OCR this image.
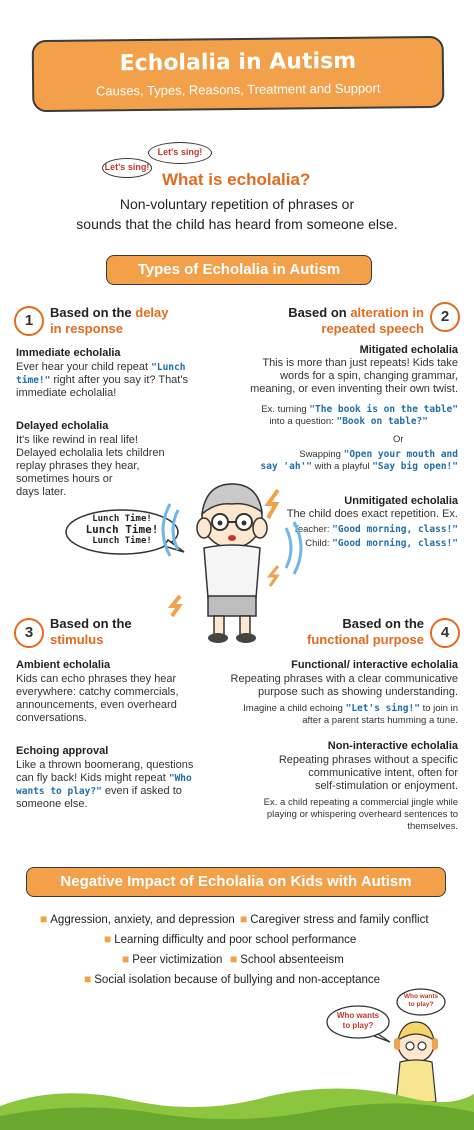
Echolalia in Autism
Causes, Types, Reasons, Treatment and Support
Let's sing!
Let's sing!
What is echolalia?
Non-voluntary repetition of phrases or
sounds that the child has heard from someone else.
Types of Echolalia in Autism
1	Based on the delay
in response
Immediate echolalia
Ever hear your child repeat "Lunch
time!" right after you say it? That's
immediate echolalia!
Delayed echolalia
It's like rewind in real life!
Delayed echolalia lets children
replay phrases they hear,
sometimes hours or
days later.
2
Based on alteration in
repeated speech
Mitigated echolalia
This is more than just repeats! Kids take
words for a spin, changing grammar,
meaning, or even inventing their own twist.
Ex. turning "The book is on the table"
into a question: "Book on table?"
Or
Swapping "Open your mouth and
say 'ah'" with a playful "Say big open!"
Unmitigated echolalia
The child does exact repetition. Ex.
Teacher: "Good morning, class!"
Child: "Good morning, class!"
Lunch Time!
Lunch Time!
Lunch Time!
3
Based on the
stimulus
Ambient echolalia
Kids can echo phrases they hear
everywhere: catchy commercials,
announcements, even overheard
conversations.
Echoing approval
Like a thrown boomerang, questions
can fly back! Kids might repeat "Who
wants to play?" even if asked to
someone else.
4
Based on the
functional purpose
Functional/ interactive echolalia
Repeating phrases with a clear communicative
purpose such as showing understanding.
Imagine a child echoing "Let's sing!" to join in
after a parent starts humming a tune.
Non-interactive echolalia
Repeating phrases without a specific
communicative intent, often for
self-stimulation or enjoyment.
Ex. a child repeating a commercial jingle while
playing or whispering overheard sentences to
themselves.
Negative Impact of Echolalia on Kids with Autism
■ Aggression, anxiety, and depression ■ Caregiver stress and family conflict
■ Learning difficulty and poor school performance
■ Peer victimization ■ School absenteeism
■ Social isolation because of bullying and non-acceptance
Who wants
to play?
Who wants
to play?
